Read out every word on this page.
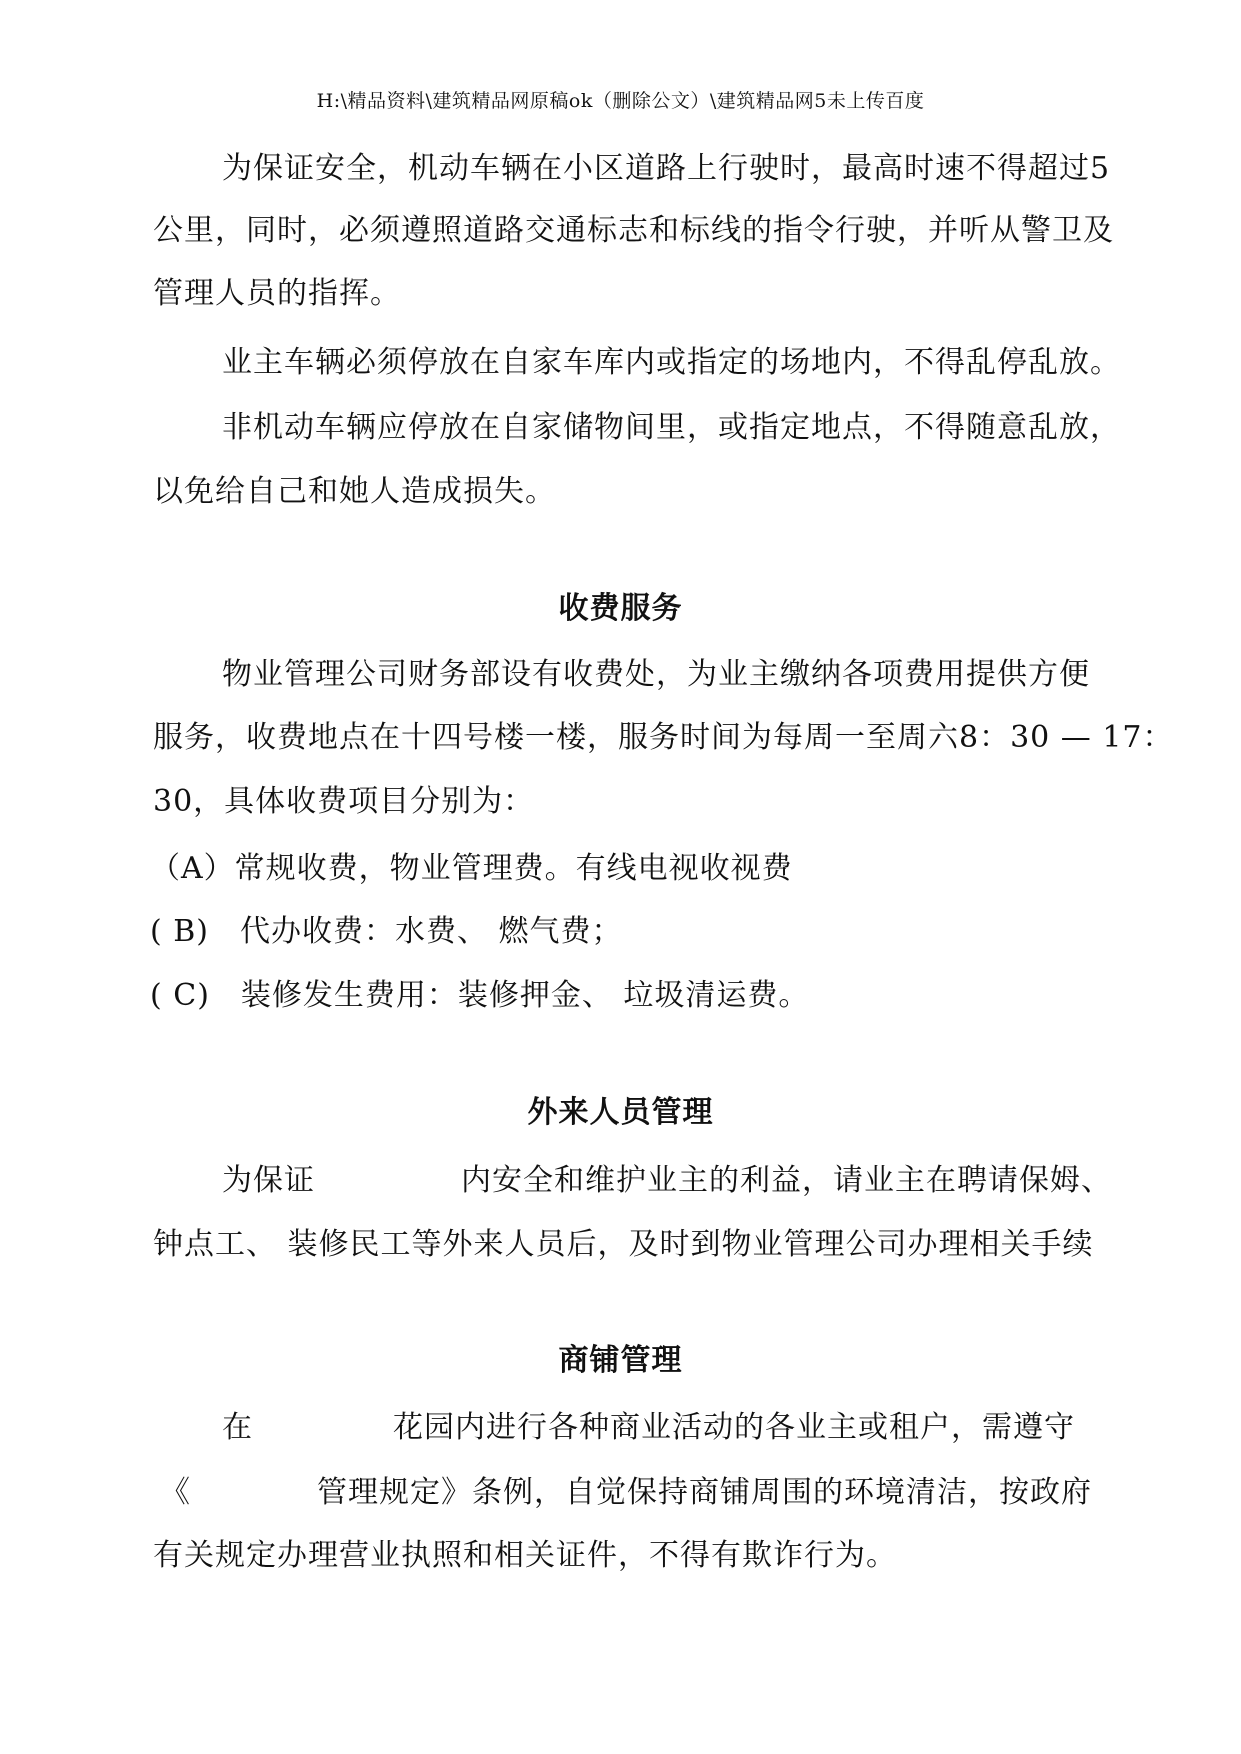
H:\精品资料\建筑精品网原稿ok（删除公文）\建筑精品网5未上传百度
为保证安全，机动车辆在小区道路上行驶时，最高时速不得超过5
公里，同时，必须遵照道路交通标志和标线的指令行驶，并听从警卫及
管理人员的指挥。
业主车辆必须停放在自家车库内或指定的场地内，不得乱停乱放。
非机动车辆应停放在自家储物间里，或指定地点，不得随意乱放，
以免给自己和她人造成损失。
收费服务
物业管理公司财务部设有收费处，为业主缴纳各项费用提供方便
服务，收费地点在十四号楼一楼，服务时间为每周一至周六8：30 — 17：
30，具体收费项目分别为：
（A）常规收费，物业管理费。有线电视收视费
( B)　代办收费：水费、 燃气费；
( C)　装修发生费用：装修押金、 垃圾清运费。
外来人员管理
为保证	内安全和维护业主的利益，请业主在聘请保姆、
钟点工、 装修民工等外来人员后，及时到物业管理公司办理相关手续
商铺管理
在	花园内进行各种商业活动的各业主或租户，需遵守
《	管理规定》条例，自觉保持商铺周围的环境清洁，按政府
有关规定办理营业执照和相关证件，不得有欺诈行为。
